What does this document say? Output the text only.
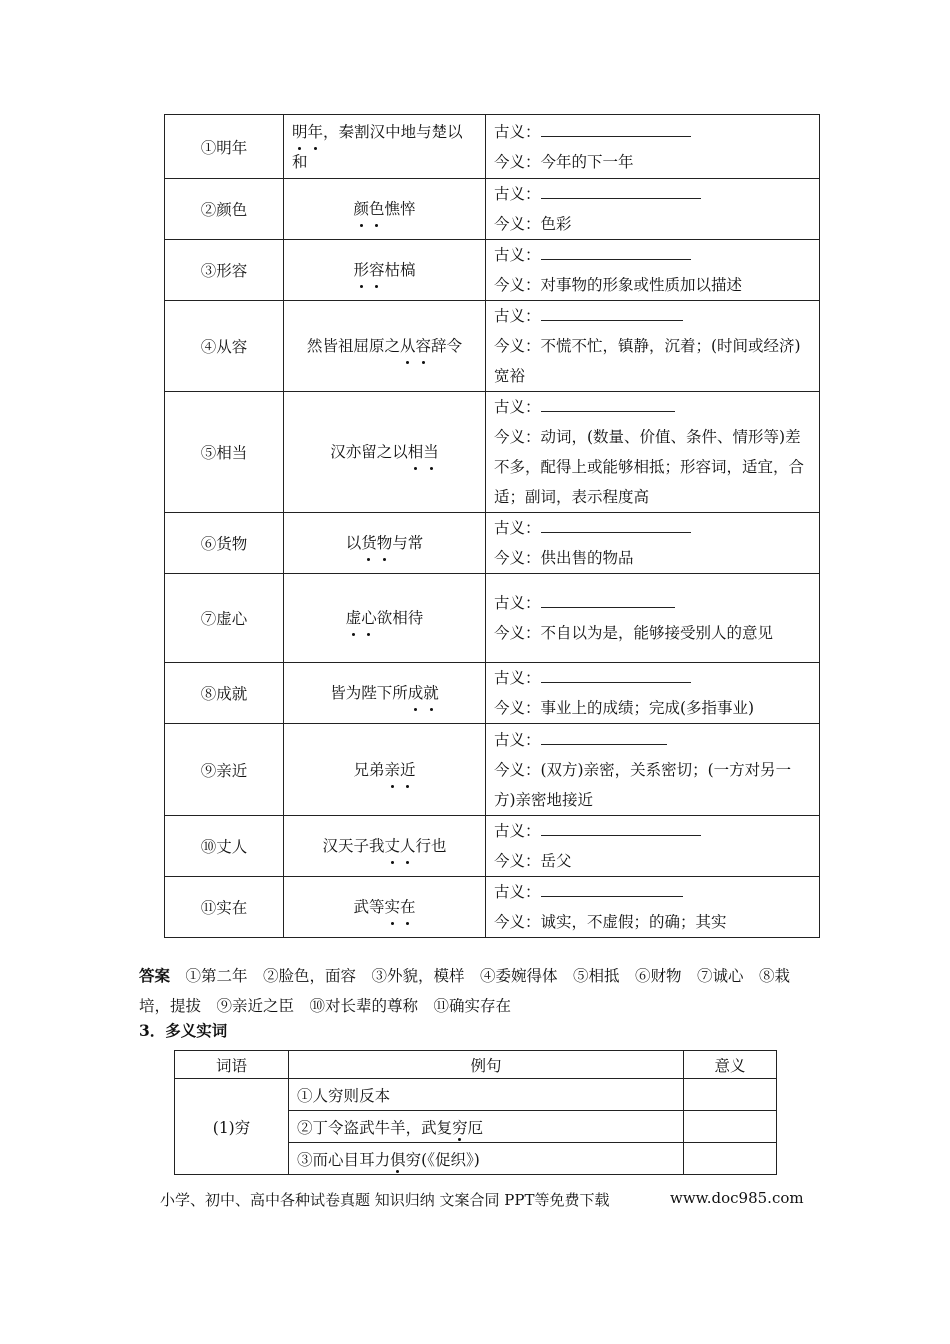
①明年	明年，秦割汉中地与楚以和	古义：
今义：今年的下一年

②颜色	颜色憔悴	古义：
今义：色彩

③形容	形容枯槁	古义：
今义：对事物的形象或性质加以描述

④从容	然皆祖屈原之从容辞令	古义：
今义：不慌不忙，镇静，沉着；(时间或经济)宽裕

⑤相当	汉亦留之以相当	古义：
今义：动词，(数量、价值、条件、情形等)差不多，配得上或能够相抵；形容词，适宜，合适；副词，表示程度高

⑥货物	以货物与常	古义：
今义：供出售的物品

⑦虚心	虚心欲相待	古义：
今义：不自以为是，能够接受别人的意见

⑧成就	皆为陛下所成就	古义：
今义：事业上的成绩；完成(多指事业)

⑨亲近	兄弟亲近	古义：
今义：(双方)亲密，关系密切；(一方对另一方)亲密地接近

⑩丈人	汉天子我丈人行也	古义：
今义：岳父

⑪实在	武等实在	古义：
今义：诚实，不虚假；的确；其实
答案　 ①第二年　②脸色，面容　③外貌，模样　④委婉得体　⑤相抵　⑥财物　⑦诚心　⑧栽培，提拔　⑨亲近之臣　⑩对长辈的尊称　⑪确实存在
3．多义实词
词语	例句	意义
(1)穷	①人穷则反本	
	②丁令盗武牛羊，武复穷厄	
	③而心目耳力俱穷(《促织》)	
小学、初中、高中各种试卷真题 知识归纳 文案合同 PPT等免费下载	www.doc985.com
